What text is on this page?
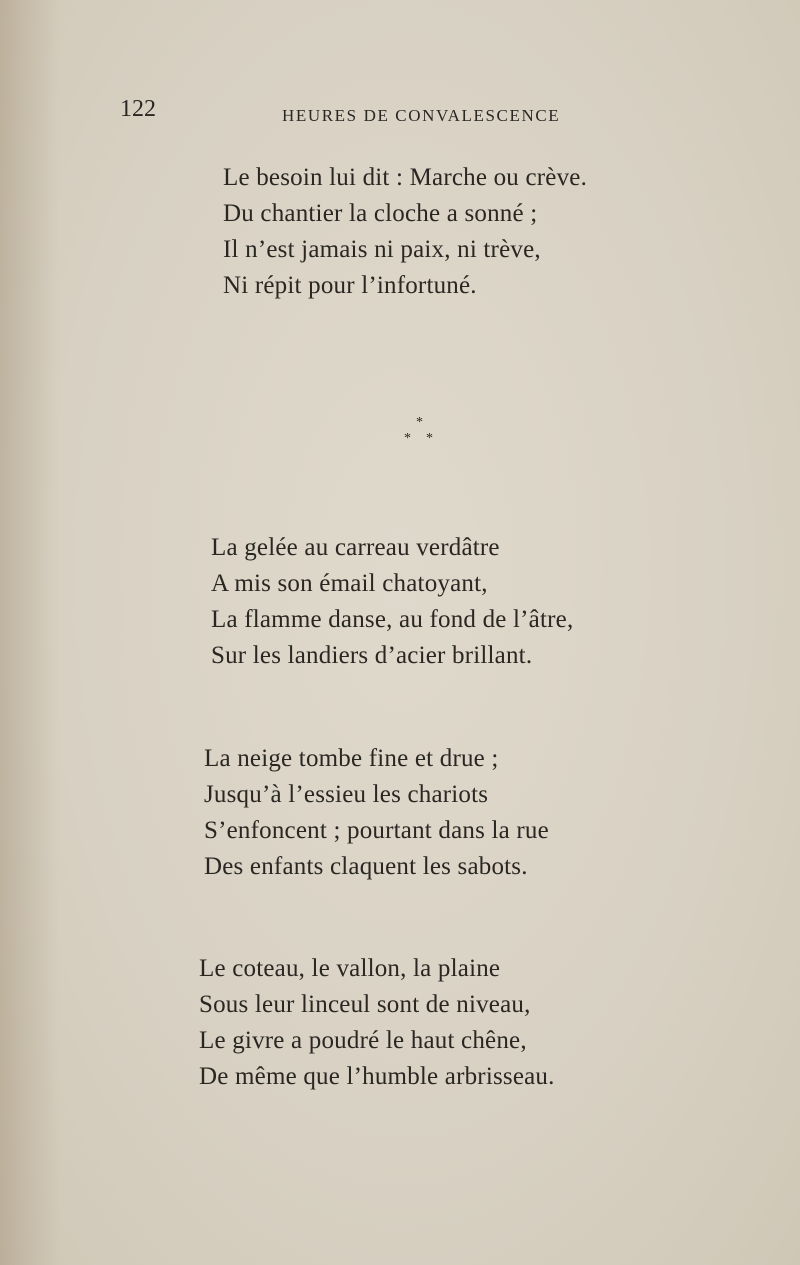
122	HEURES DE CONVALESCENCE
Le besoin lui dit : Marche ou crève.
Du chantier la cloche a sonné ;
Il n’est jamais ni paix, ni trève,
Ni répit pour l’infortuné.
*
* *
La gelée au carreau verdâtre
A mis son émail chatoyant,
La flamme danse, au fond de l’âtre,
Sur les landiers d’acier brillant.
La neige tombe fine et drue ;
Jusqu’à l’essieu les chariots
S’enfoncent ; pourtant dans la rue
Des enfants claquent les sabots.
Le coteau, le vallon, la plaine
Sous leur linceul sont de niveau,
Le givre a poudré le haut chêne,
De même que l’humble arbrisseau.
